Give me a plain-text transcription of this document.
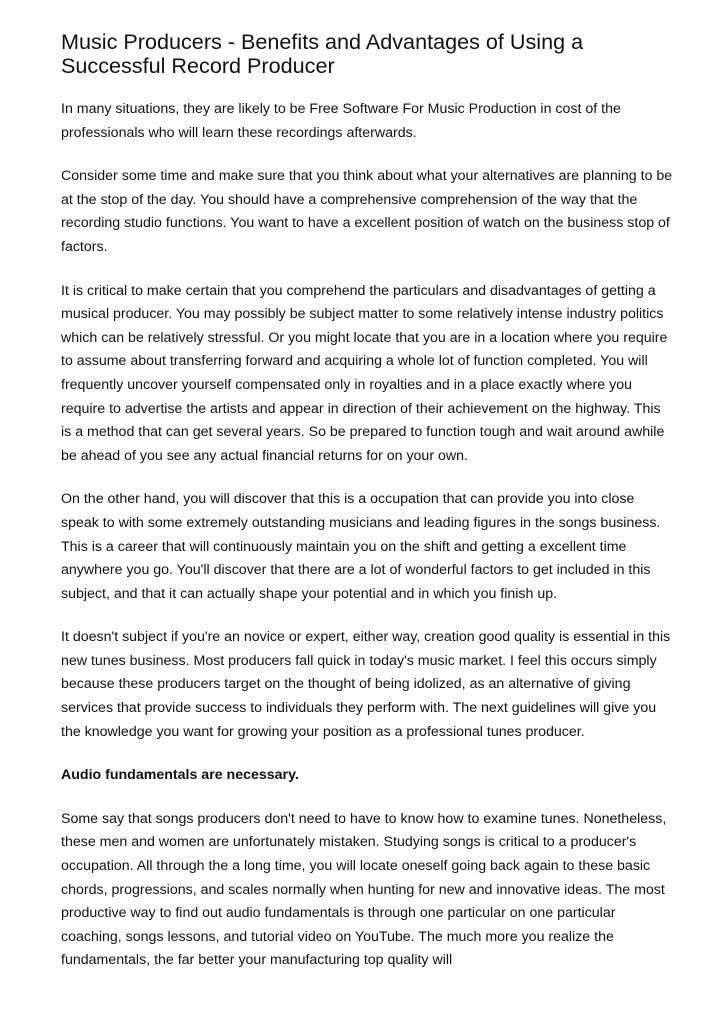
Music Producers - Benefits and Advantages of Using a Successful Record Producer

In many situations, they are likely to be Free Software For Music Production in cost of the professionals who will learn these recordings afterwards.

Consider some time and make sure that you think about what your alternatives are planning to be at the stop of the day. You should have a comprehensive comprehension of the way that the recording studio functions. You want to have a excellent position of watch on the business stop of factors.

It is critical to make certain that you comprehend the particulars and disadvantages of getting a musical producer. You may possibly be subject matter to some relatively intense industry politics which can be relatively stressful. Or you might locate that you are in a location where you require to assume about transferring forward and acquiring a whole lot of function completed. You will frequently uncover yourself compensated only in royalties and in a place exactly where you require to advertise the artists and appear in direction of their achievement on the highway. This is a method that can get several years. So be prepared to function tough and wait around awhile be ahead of you see any actual financial returns for on your own.

On the other hand, you will discover that this is a occupation that can provide you into close speak to with some extremely outstanding musicians and leading figures in the songs business. This is a career that will continuously maintain you on the shift and getting a excellent time anywhere you go. You'll discover that there are a lot of wonderful factors to get included in this subject, and that it can actually shape your potential and in which you finish up.

It doesn't subject if you're an novice or expert, either way, creation good quality is essential in this new tunes business. Most producers fall quick in today's music market. I feel this occurs simply because these producers target on the thought of being idolized, as an alternative of giving services that provide success to individuals they perform with. The next guidelines will give you the knowledge you want for growing your position as a professional tunes producer.

Audio fundamentals are necessary.

Some say that songs producers don't need to have to know how to examine tunes. Nonetheless, these men and women are unfortunately mistaken. Studying songs is critical to a producer's occupation. All through the a long time, you will locate oneself going back again to these basic chords, progressions, and scales normally when hunting for new and innovative ideas. The most productive way to find out audio fundamentals is through one particular on one particular coaching, songs lessons, and tutorial video on YouTube. The much more you realize the fundamentals, the far better your manufacturing top quality will
